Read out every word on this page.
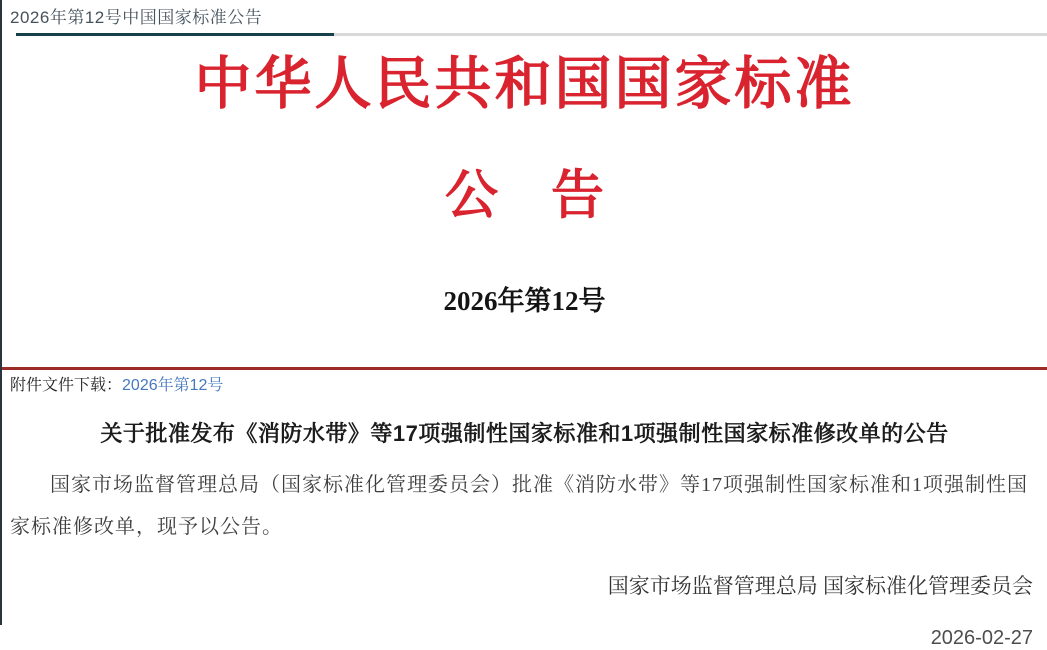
2026年第12号中国国家标准公告
中华人民共和国国家标准
公　告
2026年第12号
附件文件下载：2026年第12号
关于批准发布《消防水带》等17项强制性国家标准和1项强制性国家标准修改单的公告
国家市场监督管理总局（国家标准化管理委员会）批准《消防水带》等17项强制性国家标准和1项强制性国家标准修改单，现予以公告。
国家市场监督管理总局 国家标准化管理委员会
2026-02-27
